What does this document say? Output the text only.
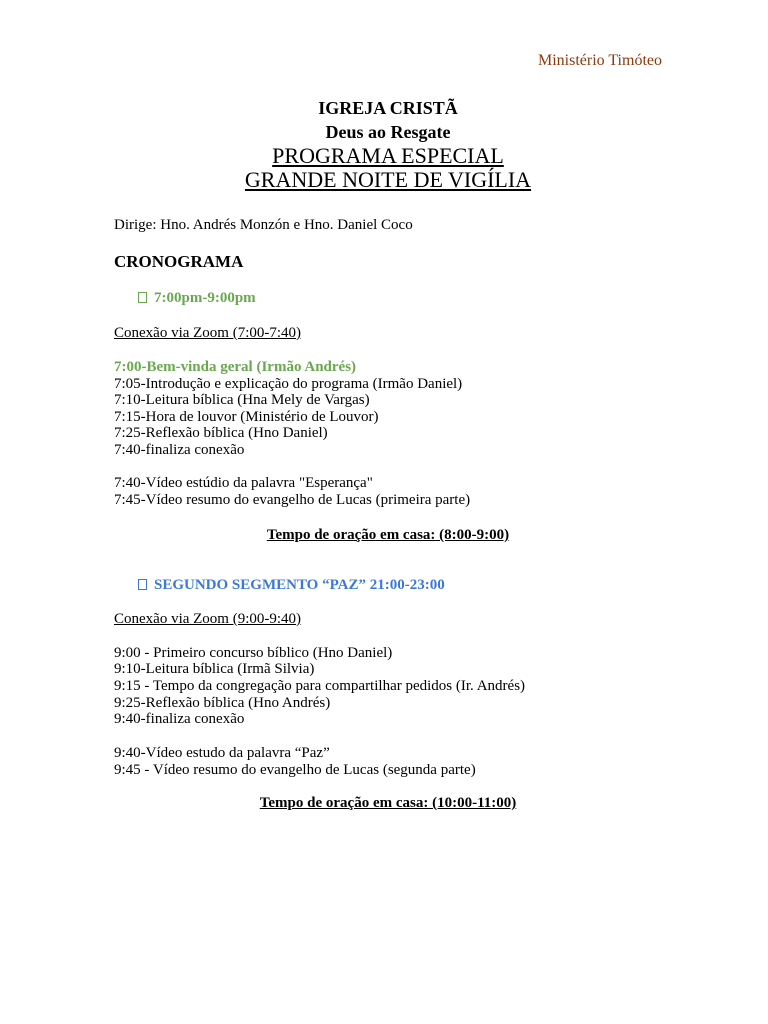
Ministério Timóteo
IGREJA CRISTÃ
Deus ao Resgate
PROGRAMA ESPECIAL
GRANDE NOITE DE VIGÍLIA
Dirige: Hno. Andrés Monzón e Hno. Daniel Coco
CRONOGRAMA
7:00pm-9:00pm
Conexão via Zoom (7:00-7:40)
7:00-Bem-vinda geral (Irmão Andrés)
7:05-Introdução e explicação do programa (Irmão Daniel)
7:10-Leitura bíblica (Hna Mely de Vargas)
7:15-Hora de louvor (Ministério de Louvor)
7:25-Reflexão bíblica (Hno Daniel)
7:40-finaliza conexão
7:40-Vídeo estúdio da palavra "Esperança"
7:45-Vídeo resumo do evangelho de Lucas (primeira parte)
Tempo de oração em casa: (8:00-9:00)
SEGUNDO SEGMENTO “PAZ” 21:00-23:00
Conexão via Zoom (9:00-9:40)
9:00 - Primeiro concurso bíblico (Hno Daniel)
9:10-Leitura bíblica (Irmã Silvia)
9:15 - Tempo da congregação para compartilhar pedidos (Ir. Andrés)
9:25-Reflexão bíblica (Hno Andrés)
9:40-finaliza conexão
9:40-Vídeo estudo da palavra “Paz”
9:45 - Vídeo resumo do evangelho de Lucas (segunda parte)
Tempo de oração em casa: (10:00-11:00)
